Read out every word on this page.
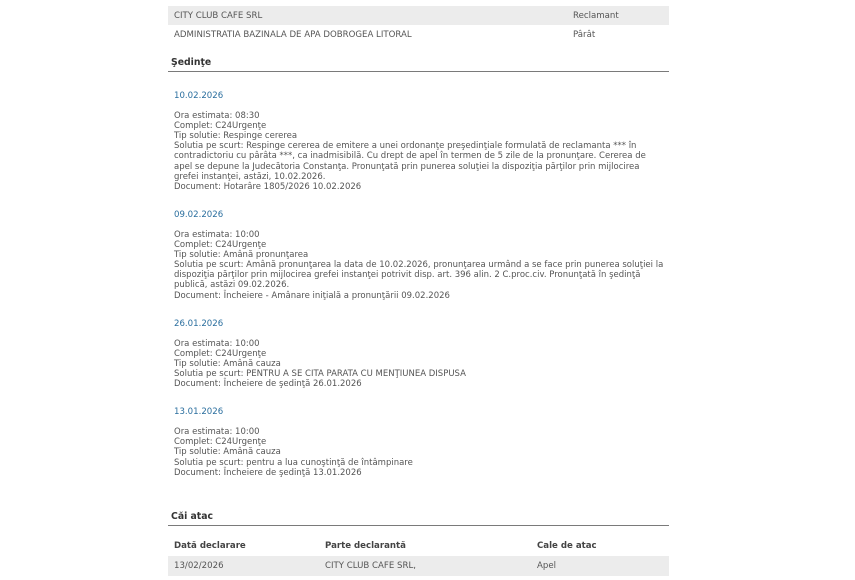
CITY CLUB CAFE SRL	Reclamant
ADMINISTRATIA BAZINALA DE APA DOBROGEA LITORAL	Pârât
Şedinţe
10.02.2026
Ora estimata: 08:30
Complet: C24Urgenţe
Tip solutie: Respinge cererea
Solutia pe scurt: Respinge cererea de emitere a unei ordonanţe preşedinţiale formulată de reclamanta *** în contradictoriu cu pârâta ***, ca inadmisibilă. Cu drept de apel în termen de 5 zile de la pronunţare. Cererea de apel se depune la Judecătoria Constanţa. Pronunţată prin punerea soluţiei la dispoziţia părţilor prin mijlocirea grefei instanţei, astăzi, 10.02.2026.
Document: Hotarâre 1805/2026 10.02.2026
09.02.2026
Ora estimata: 10:00
Complet: C24Urgenţe
Tip solutie: Amână pronunţarea
Solutia pe scurt: Amână pronunţarea la data de 10.02.2026, pronunţarea urmând a se face prin punerea soluţiei la dispoziţia părţilor prin mijlocirea grefei instanţei potrivit disp. art. 396 alin. 2 C.proc.civ. Pronunţată în şedinţă publică, astăzi 09.02.2026.
Document: Încheiere - Amânare iniţială a pronunţării 09.02.2026
26.01.2026
Ora estimata: 10:00
Complet: C24Urgenţe
Tip solutie: Amână cauza
Solutia pe scurt: PENTRU A SE CITA PARATA CU MENŢIUNEA DISPUSA
Document: Încheiere de şedinţă 26.01.2026
13.01.2026
Ora estimata: 10:00
Complet: C24Urgenţe
Tip solutie: Amână cauza
Solutia pe scurt: pentru a lua cunoştinţă de întâmpinare
Document: Încheiere de şedinţă 13.01.2026
Căi atac
Dată declarare	Parte declarantă	Cale de atac
13/02/2026	CITY CLUB CAFE SRL,	Apel
